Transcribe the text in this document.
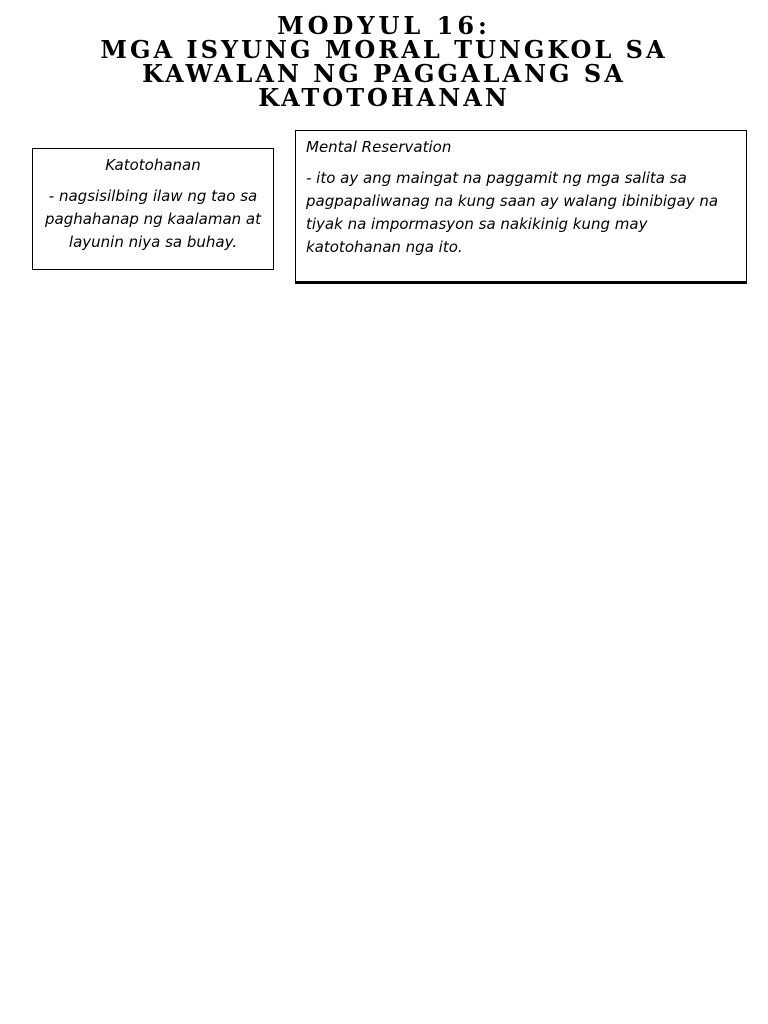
MODYUL 16:
MGA ISYUNG MORAL TUNGKOL SA
KAWALAN NG PAGGALANG SA
KATOTOHANAN

Katotohanan

- nagsisilbing ilaw ng tao sa paghahanap ng kaalaman at layunin niya sa buhay.

Mental Reservation

- ito ay ang maingat na paggamit ng mga salita sa pagpapaliwanag na kung saan ay walang ibinibigay na tiyak na impormasyon sa nakikinig kung may katotohanan nga ito.
